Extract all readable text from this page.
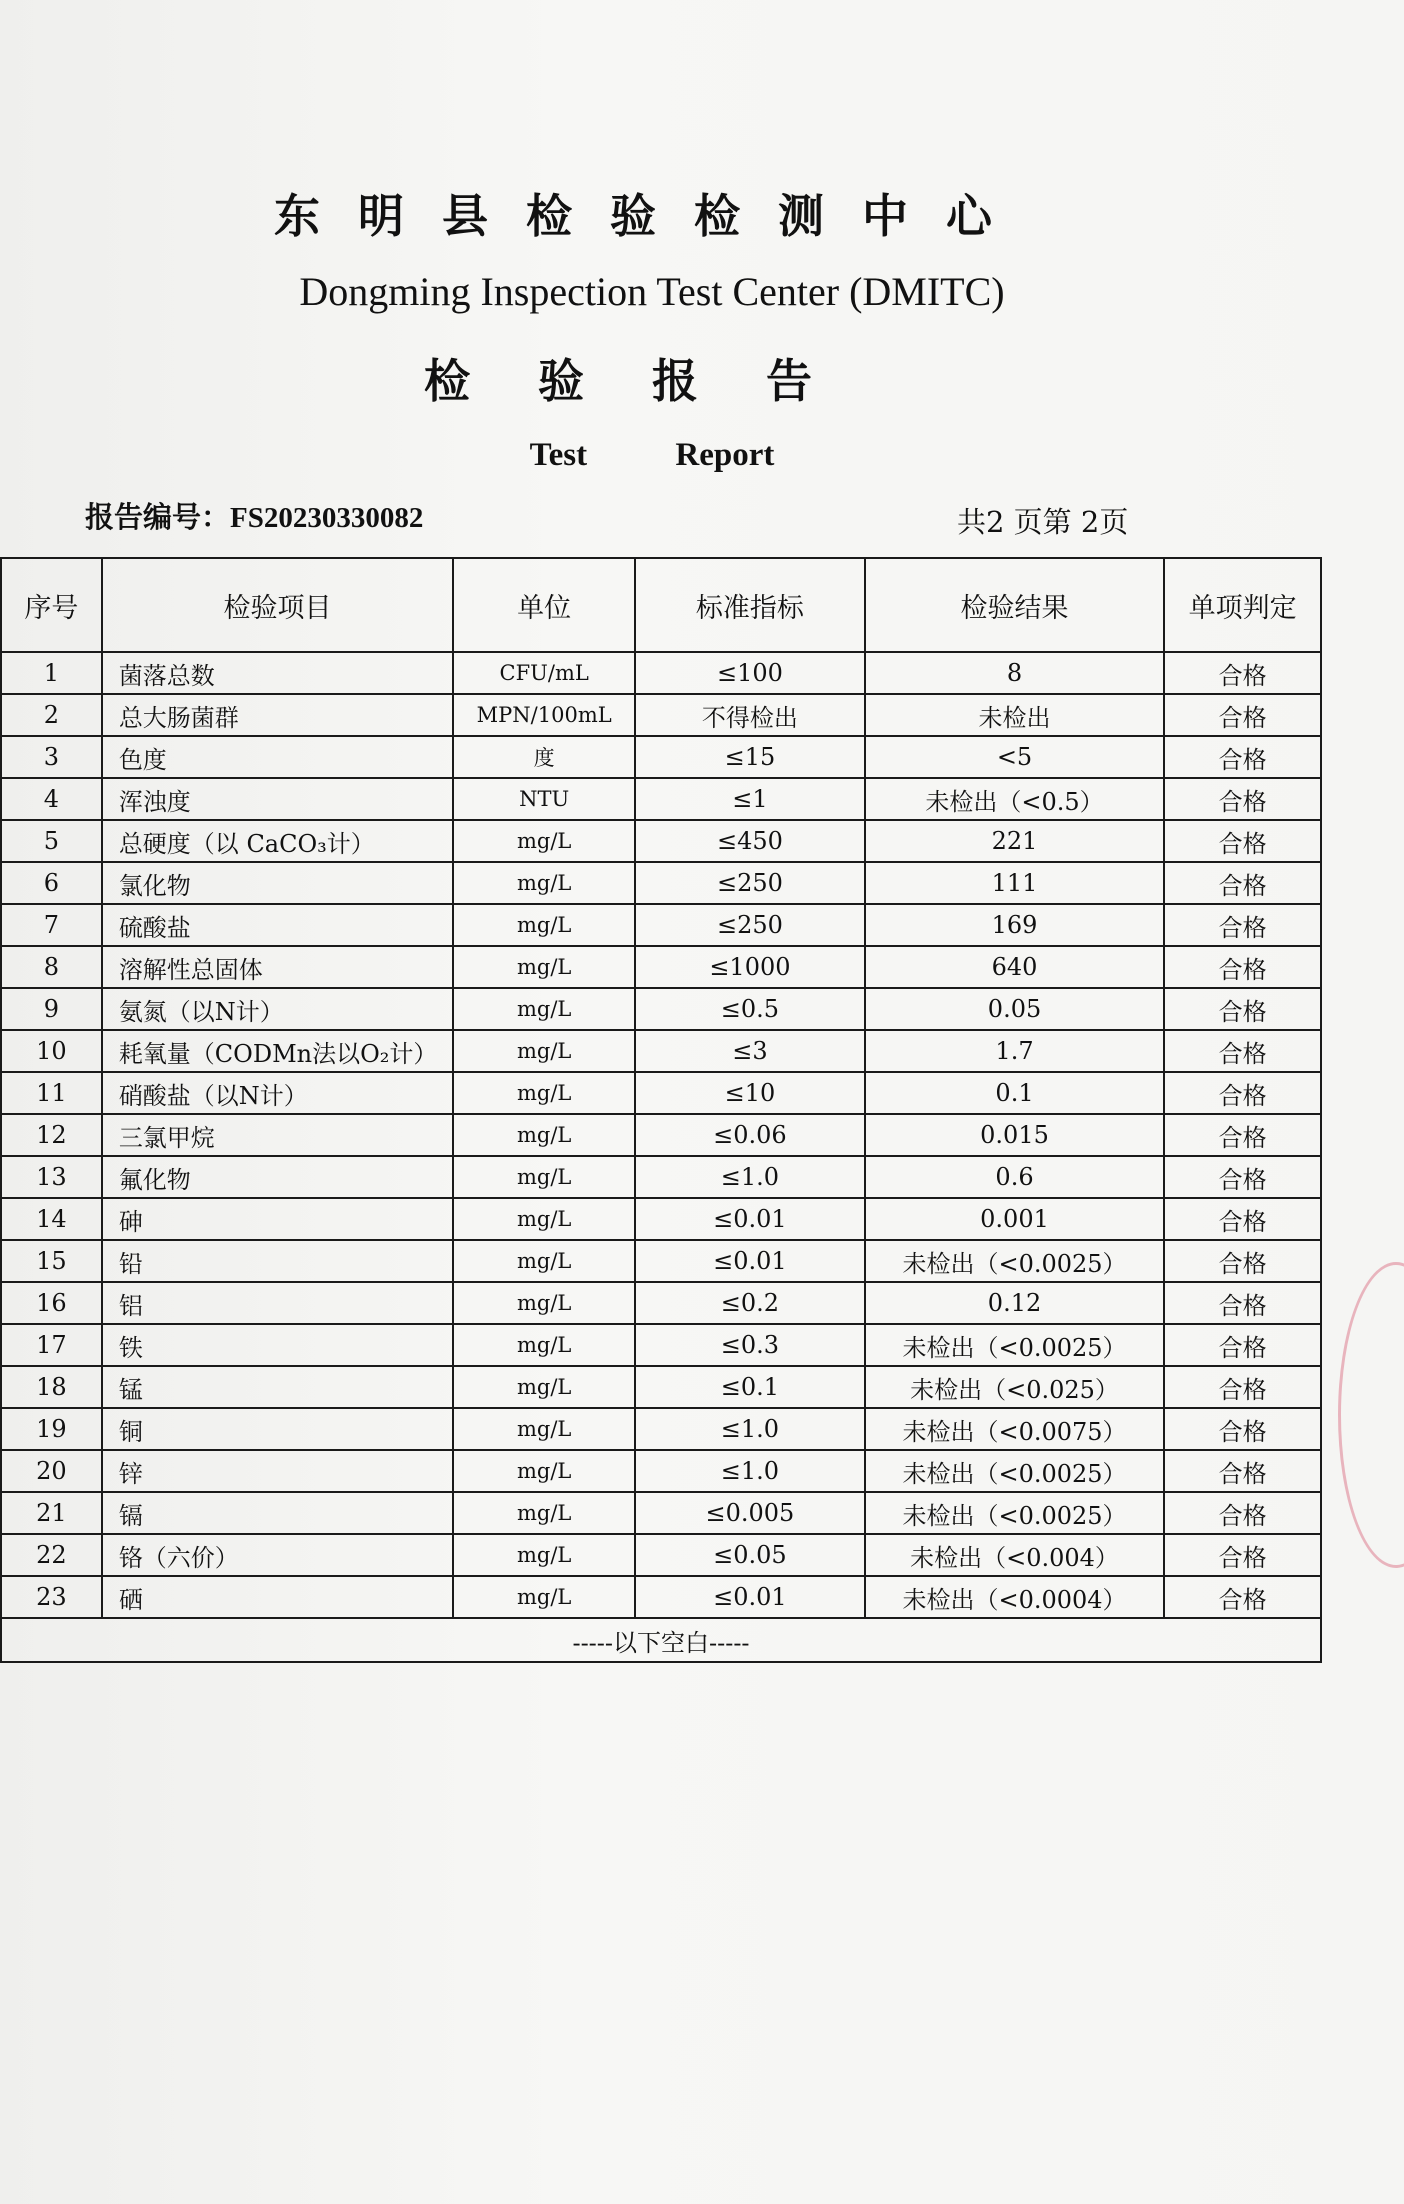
东明县检验检测中心
Dongming Inspection Test Center (DMITC)
检验报告
Test Report
报告编号：FS20230330082	共2 页第 2页
序号	检验项目	单位	标准指标	检验结果	单项判定
1	菌落总数	CFU/mL	≤100	8	合格
2	总大肠菌群	MPN/100mL	不得检出	未检出	合格
3	色度	度	≤15	<5	合格
4	浑浊度	NTU	≤1	未检出（<0.5）	合格
5	总硬度（以 CaCO₃计）	mg/L	≤450	221	合格
6	氯化物	mg/L	≤250	111	合格
7	硫酸盐	mg/L	≤250	169	合格
8	溶解性总固体	mg/L	≤1000	640	合格
9	氨氮（以N计）	mg/L	≤0.5	0.05	合格
10	耗氧量（CODMn法以O₂计）	mg/L	≤3	1.7	合格
11	硝酸盐（以N计）	mg/L	≤10	0.1	合格
12	三氯甲烷	mg/L	≤0.06	0.015	合格
13	氟化物	mg/L	≤1.0	0.6	合格
14	砷	mg/L	≤0.01	0.001	合格
15	铅	mg/L	≤0.01	未检出（<0.0025）	合格
16	铝	mg/L	≤0.2	0.12	合格
17	铁	mg/L	≤0.3	未检出（<0.0025）	合格
18	锰	mg/L	≤0.1	未检出（<0.025）	合格
19	铜	mg/L	≤1.0	未检出（<0.0075）	合格
20	锌	mg/L	≤1.0	未检出（<0.0025）	合格
21	镉	mg/L	≤0.005	未检出（<0.0025）	合格
22	铬（六价）	mg/L	≤0.05	未检出（<0.004）	合格
23	硒	mg/L	≤0.01	未检出（<0.0004）	合格
-----以下空白-----					
